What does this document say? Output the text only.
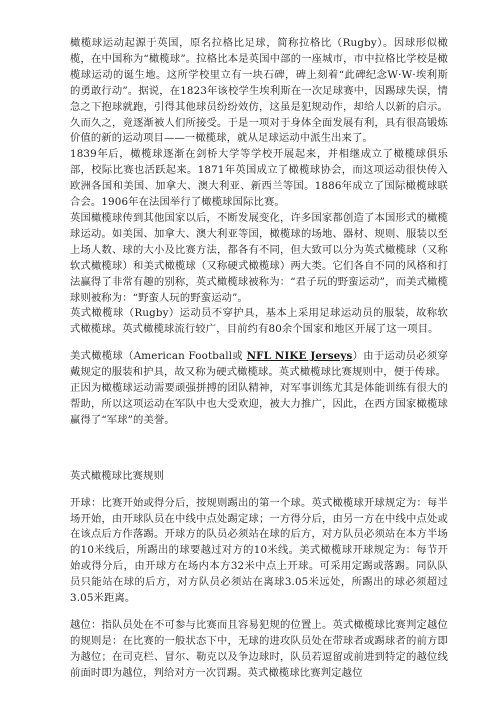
橄榄球运动起源于英国，原名拉格比足球，简称拉格比（Rugby）。因球形似橄榄，在中国称为“橄榄球”。拉格比本是英国中部的一座城市，市中拉格比学校是橄榄球运动的诞生地。这所学校里立有一块石碑，碑上刻着“此碑纪念W·W·埃利斯的勇敢行动”。据说，在1823年该校学生埃利斯在一次足球赛中，因踢球失误，情急之下抱球就跑，引得其他球员纷纷效仿，这虽是犯规动作，却给人以新的启示。久而久之，竟逐渐被人们所接受。于是一项对于身体全面发展有利，具有很高锻炼价值的新的运动项目——一橄榄球，就从足球运动中派生出来了。

1839年后，橄榄球逐渐在剑桥大学等学校开展起来，并相继成立了橄榄球俱乐部，校际比赛也活跃起来。1871年英国成立了橄榄球协会，而这项运动很快传入欧洲各国和美国、加拿大、澳大利亚、新西兰等国。1886年成立了国际橄榄球联合会。1906年在法国举行了橄榄球国际比赛。

英国橄榄球传到其他国家以后，不断发展变化，许多国家都创造了本国形式的橄榄球运动。如美国、加拿大、澳大利亚等国，橄榄球的场地、器材、规则、服装以至上场人数、球的大小及比赛方法，都各有不同，但大致可以分为英式橄榄球（又称软式橄榄球）和美式橄榄球（又称硬式橄榄球）两大类。它们各自不同的风格和打法赢得了非常有趣的别称，英式橄榄球被称为：“君子玩的野蛮运动”，而美式橄榄球则被称为：“野蛮人玩的野蛮运动”。

英式橄榄球（Rugby）运动员不穿护具，基本上采用足球运动员的服装，故称软式橄榄球。英式橄榄球流行较广，目前约有80余个国家和地区开展了这一项目。

美式橄榄球（American Football或 NFL NIKE Jerseys）由于运动员必须穿戴规定的服装和护具，故又称为硬式橄榄球。英式橄榄球比赛规则中，便于传球。

正因为橄榄球运动需要顽强拼搏的团队精神，对军事训练尤其是体能训练有很大的帮助，所以这项运动在军队中也大受欢迎，被大力推广，因此，在西方国家橄榄球赢得了“军球”的美誉。

英式橄榄球比赛规则

开球：比赛开始或得分后，按规则踢出的第一个球。英式橄榄球开球规定为：每半场开始，由开球队员在中线中点处踢定球；一方得分后，由另一方在中线中点处或在该点后方作落踢。开球方的队员必须站在球的后方，对方队员必须站在本方半场的10米线后，所踢出的球要越过对方的10米线。美式橄榄球开球规定为：每节开始或得分后，由开球方在场内本方32米中点上开球。可采用定踢或落踢。同队队员只能站在球的后方，对方队员必须站在离球3.05米远处，所踢出的球必须超过3.05米距离。

越位：指队员处在不可参与比赛而且容易犯规的位置上。英式橄榄球比赛判定越位的规则是：在比赛的一般状态下中，无球的进攻队员处在带球者或踢球者的前方即为越位；在司克栏、冒尔、勒克以及争边球时，队员若逗留或前进到特定的越位线前面时即为越位，判给对方一次罚踢。英式橄榄球比赛判定越位
